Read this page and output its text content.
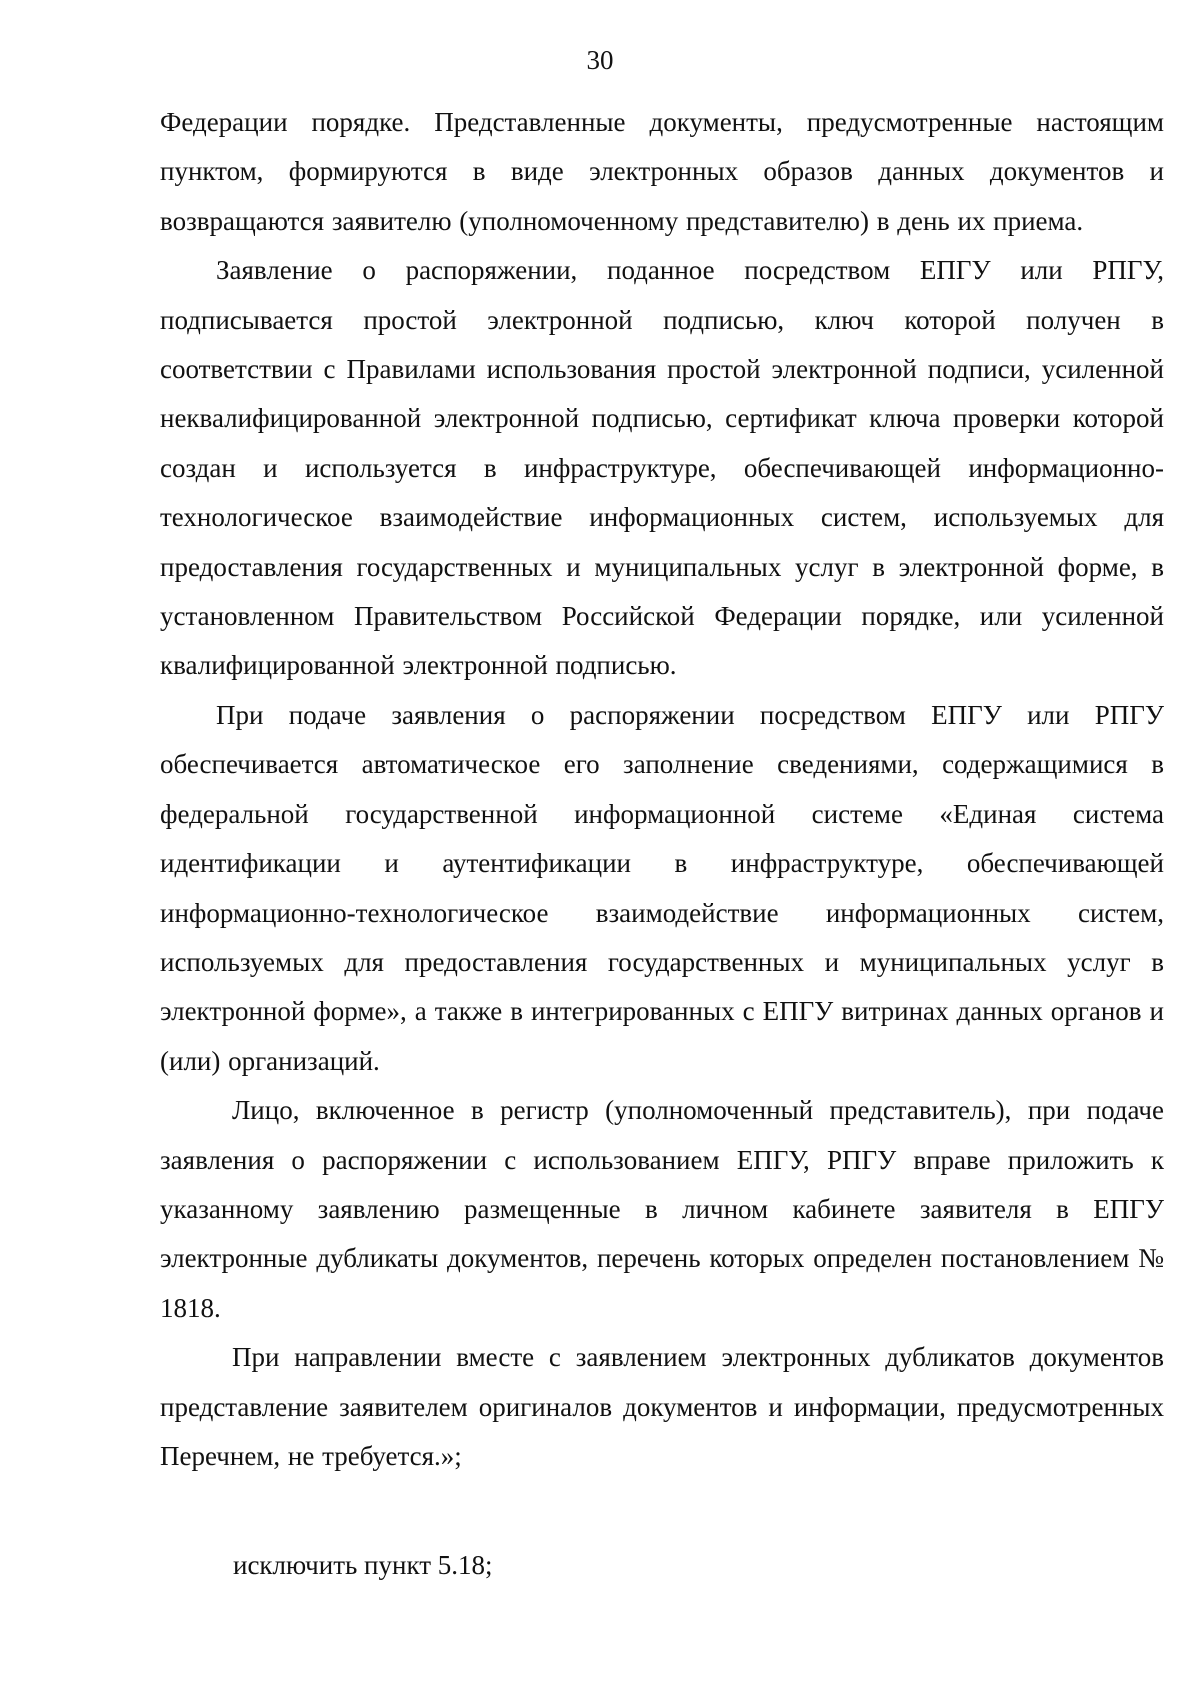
30

Федерации порядке. Представленные документы, предусмотренные настоящим пунктом, формируются в виде электронных образов данных документов и возвращаются заявителю (уполномоченному представителю) в день их приема.

Заявление о распоряжении, поданное посредством ЕПГУ или РПГУ, подписывается простой электронной подписью, ключ которой получен в соответствии с Правилами использования простой электронной подписи, усиленной неквалифицированной электронной подписью, сертификат ключа проверки которой создан и используется в инфраструктуре, обеспечивающей информационно-технологическое взаимодействие информационных систем, используемых для предоставления государственных и муниципальных услуг в электронной форме, в установленном Правительством Российской Федерации порядке, или усиленной квалифицированной электронной подписью.

При подаче заявления о распоряжении посредством ЕПГУ или РПГУ обеспечивается автоматическое его заполнение сведениями, содержащимися в федеральной государственной информационной системе «Единая система идентификации и аутентификации в инфраструктуре, обеспечивающей информационно-технологическое взаимодействие информационных систем, используемых для предоставления государственных и муниципальных услуг в электронной форме», а также в интегрированных с ЕПГУ витринах данных органов и (или) организаций.

Лицо, включенное в регистр (уполномоченный представитель), при подаче заявления о распоряжении с использованием ЕПГУ, РПГУ вправе приложить к указанному заявлению размещенные в личном кабинете заявителя в ЕПГУ электронные дубликаты документов, перечень которых определен постановлением № 1818.

При направлении вместе с заявлением электронных дубликатов документов представление заявителем оригиналов документов и информации, предусмотренных Перечнем, не требуется.»;

исключить пункт 5.18;
